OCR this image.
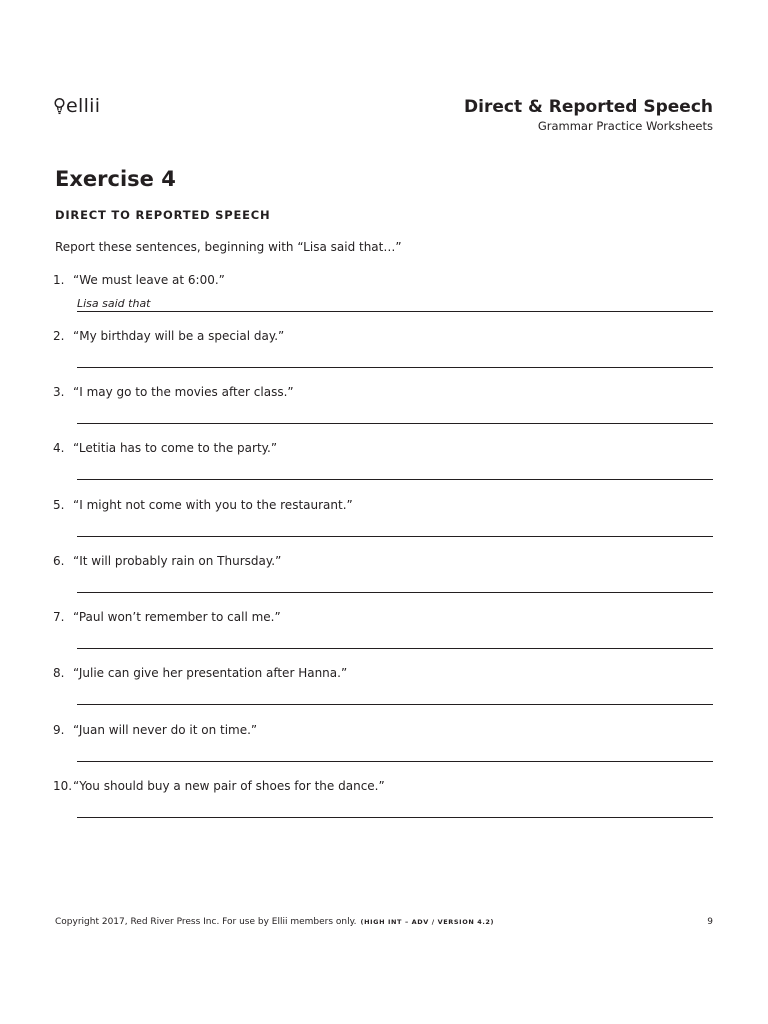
ellii	Direct & Reported Speech
Grammar Practice Worksheets
Exercise 4
DIRECT TO REPORTED SPEECH
Report these sentences, beginning with “Lisa said that…”
1. “We must leave at 6:00.”
Lisa said that
2. “My birthday will be a special day.”
3. “I may go to the movies after class.”
4. “Letitia has to come to the party.”
5. “I might not come with you to the restaurant.”
6. “It will probably rain on Thursday.”
7. “Paul won’t remember to call me.”
8. “Julie can give her presentation after Hanna.”
9. “Juan will never do it on time.”
10. “You should buy a new pair of shoes for the dance.”
Copyright 2017, Red River Press Inc. For use by Ellii members only. (HIGH INT – ADV / VERSION 4.2)	9
